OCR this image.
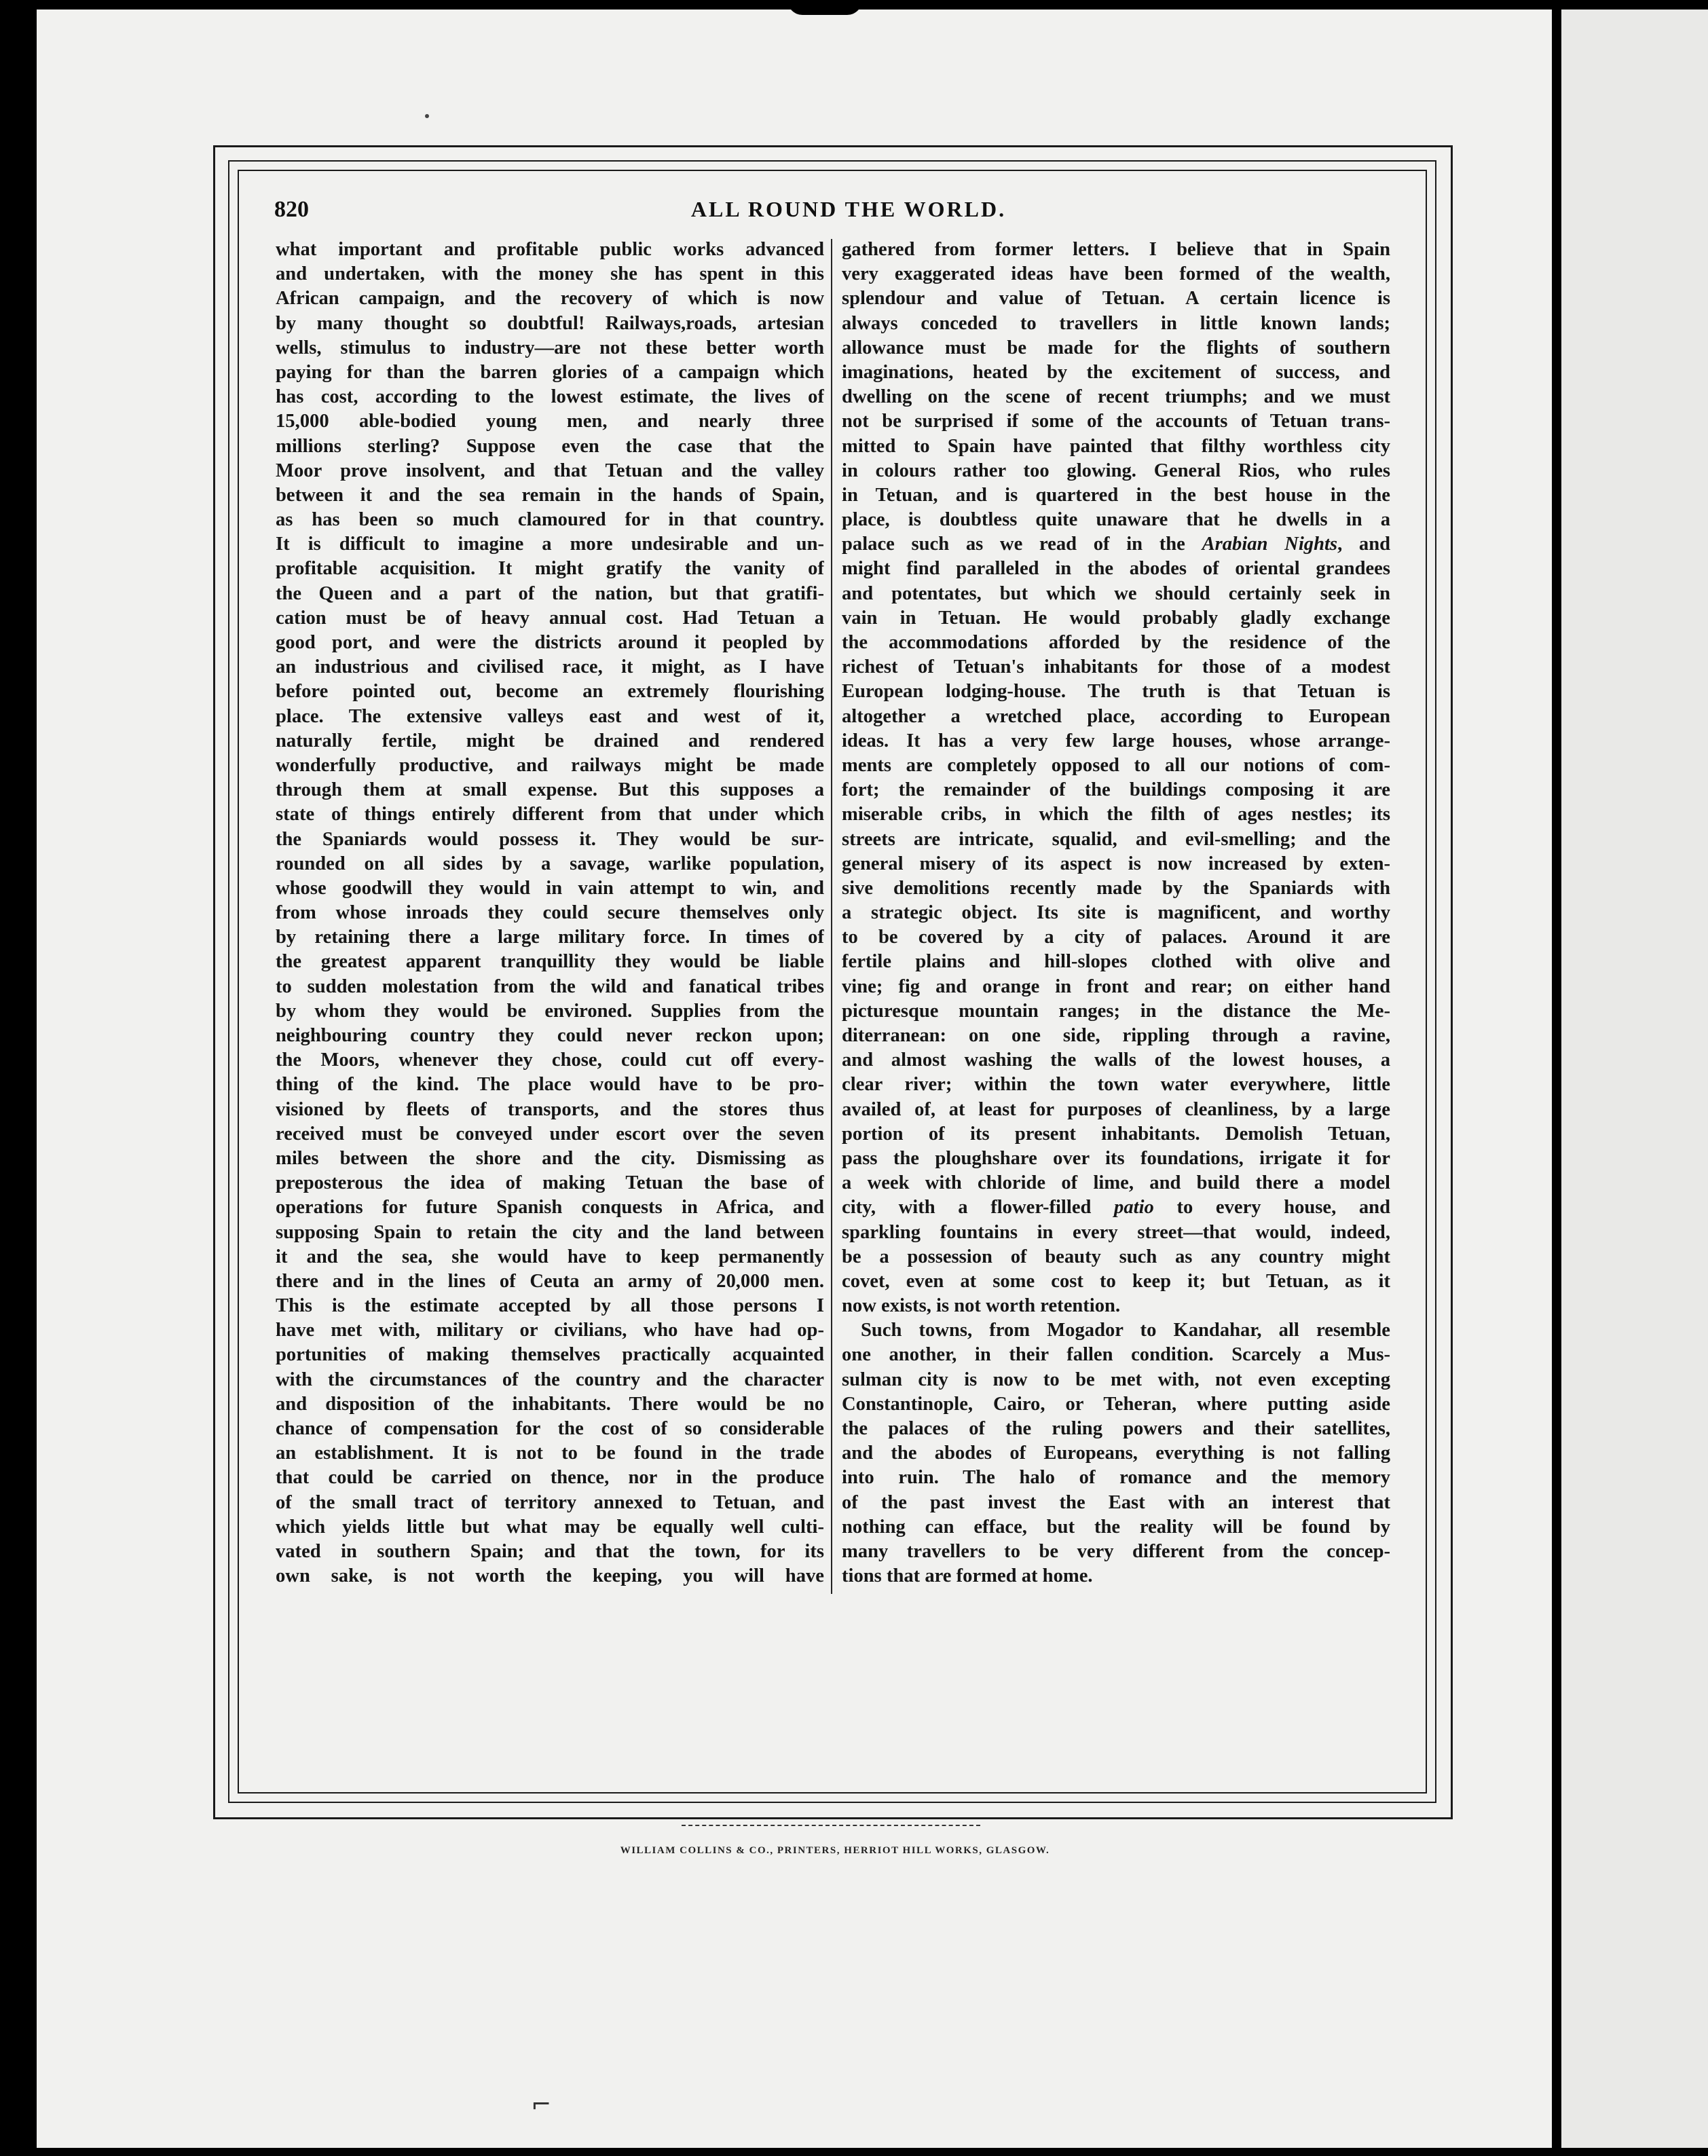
820	ALL ROUND THE WORLD.
what important and profitable public works advanced
and undertaken, with the money she has spent in this
African campaign, and the recovery of which is now
by many thought so doubtful! Railways,roads, artesian
wells, stimulus to industry—are not these better worth
paying for than the barren glories of a campaign which
has cost, according to the lowest estimate, the lives of
15,000 able-bodied young men, and nearly three
millions sterling? Suppose even the case that the
Moor prove insolvent, and that Tetuan and the valley
between it and the sea remain in the hands of Spain,
as has been so much clamoured for in that country.
It is difficult to imagine a more undesirable and un-
profitable acquisition. It might gratify the vanity of
the Queen and a part of the nation, but that gratifi-
cation must be of heavy annual cost. Had Tetuan a
good port, and were the districts around it peopled by
an industrious and civilised race, it might, as I have
before pointed out, become an extremely flourishing
place. The extensive valleys east and west of it,
naturally fertile, might be drained and rendered
wonderfully productive, and railways might be made
through them at small expense. But this supposes a
state of things entirely different from that under which
the Spaniards would possess it. They would be sur-
rounded on all sides by a savage, warlike population,
whose goodwill they would in vain attempt to win, and
from whose inroads they could secure themselves only
by retaining there a large military force. In times of
the greatest apparent tranquillity they would be liable
to sudden molestation from the wild and fanatical tribes
by whom they would be environed. Supplies from the
neighbouring country they could never reckon upon;
the Moors, whenever they chose, could cut off every-
thing of the kind. The place would have to be pro-
visioned by fleets of transports, and the stores thus
received must be conveyed under escort over the seven
miles between the shore and the city. Dismissing as
preposterous the idea of making Tetuan the base of
operations for future Spanish conquests in Africa, and
supposing Spain to retain the city and the land between
it and the sea, she would have to keep permanently
there and in the lines of Ceuta an army of 20,000 men.
This is the estimate accepted by all those persons I
have met with, military or civilians, who have had op-
portunities of making themselves practically acquainted
with the circumstances of the country and the character
and disposition of the inhabitants. There would be no
chance of compensation for the cost of so considerable
an establishment. It is not to be found in the trade
that could be carried on thence, nor in the produce
of the small tract of territory annexed to Tetuan, and
which yields little but what may be equally well culti-
vated in southern Spain; and that the town, for its
own sake, is not worth the keeping, you will have
gathered from former letters. I believe that in Spain
very exaggerated ideas have been formed of the wealth,
splendour and value of Tetuan. A certain licence is
always conceded to travellers in little known lands;
allowance must be made for the flights of southern
imaginations, heated by the excitement of success, and
dwelling on the scene of recent triumphs; and we must
not be surprised if some of the accounts of Tetuan trans-
mitted to Spain have painted that filthy worthless city
in colours rather too glowing. General Rios, who rules
in Tetuan, and is quartered in the best house in the
place, is doubtless quite unaware that he dwells in a
palace such as we read of in the Arabian Nights, and
might find paralleled in the abodes of oriental grandees
and potentates, but which we should certainly seek in
vain in Tetuan. He would probably gladly exchange
the accommodations afforded by the residence of the
richest of Tetuan's inhabitants for those of a modest
European lodging-house. The truth is that Tetuan is
altogether a wretched place, according to European
ideas. It has a very few large houses, whose arrange-
ments are completely opposed to all our notions of com-
fort; the remainder of the buildings composing it are
miserable cribs, in which the filth of ages nestles; its
streets are intricate, squalid, and evil-smelling; and the
general misery of its aspect is now increased by exten-
sive demolitions recently made by the Spaniards with
a strategic object. Its site is magnificent, and worthy
to be covered by a city of palaces. Around it are
fertile plains and hill-slopes clothed with olive and
vine; fig and orange in front and rear; on either hand
picturesque mountain ranges; in the distance the Me-
diterranean: on one side, rippling through a ravine,
and almost washing the walls of the lowest houses, a
clear river; within the town water everywhere, little
availed of, at least for purposes of cleanliness, by a large
portion of its present inhabitants. Demolish Tetuan,
pass the ploughshare over its foundations, irrigate it for
a week with chloride of lime, and build there a model
city, with a flower-filled patio to every house, and
sparkling fountains in every street—that would, indeed,
be a possession of beauty such as any country might
covet, even at some cost to keep it; but Tetuan, as it
now exists, is not worth retention.
Such towns, from Mogador to Kandahar, all resemble
one another, in their fallen condition. Scarcely a Mus-
sulman city is now to be met with, not even excepting
Constantinople, Cairo, or Teheran, where putting aside
the palaces of the ruling powers and their satellites,
and the abodes of Europeans, everything is not falling
into ruin. The halo of romance and the memory
of the past invest the East with an interest that
nothing can efface, but the reality will be found by
many travellers to be very different from the concep-
tions that are formed at home.
WILLIAM COLLINS & CO., PRINTERS, HERRIOT HILL WORKS, GLASGOW.
⌐
